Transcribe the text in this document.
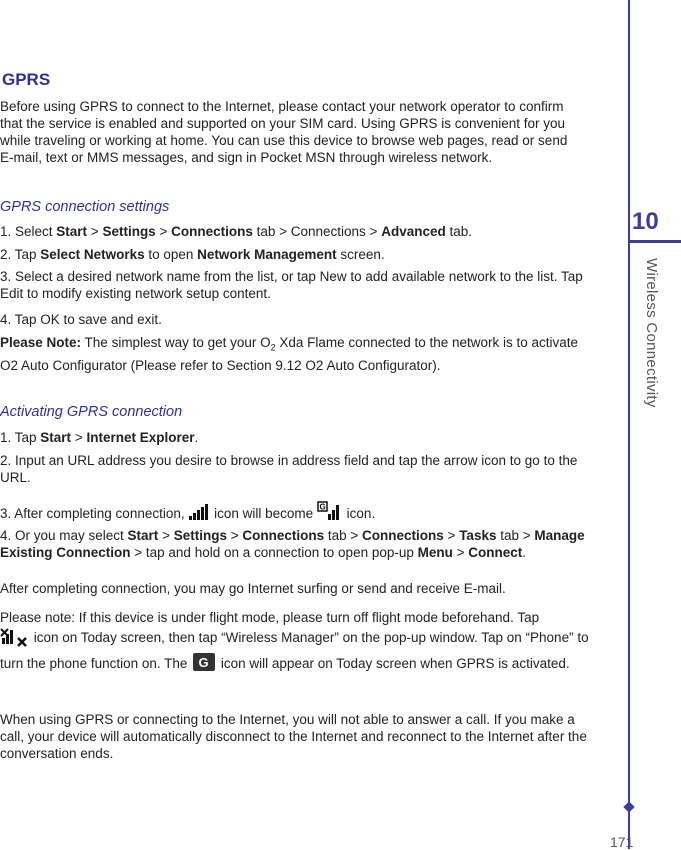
GPRS

Before using GPRS to connect to the Internet, please contact your network operator to confirm that the service is enabled and supported on your SIM card. Using GPRS is convenient for you while traveling or working at home. You can use this device to browse web pages, read or send E-mail, text or MMS messages, and sign in Pocket MSN through wireless network.

GPRS connection settings

1. Select Start > Settings > Connections tab > Connections > Advanced tab.

2. Tap Select Networks to open Network Management screen.

3. Select a desired network name from the list, or tap New to add available network to the list. Tap Edit to modify existing network setup content.

4. Tap OK to save and exit.

Please Note: The simplest way to get your $O_2$ Xda Flame connected to the network is to activate O2 Auto Configurator (Please refer to Section 9.12 O2 Auto Configurator).

Activating GPRS connection

1. Tap Start > Internet Explorer.

2. Input an URL address you desire to browse in address field and tap the arrow icon to go to the URL.

3. After completing connection,  icon will become G icon.

4. Or you may select Start > Settings > Connections tab > Connections > Tasks tab > Manage Existing Connection > tap and hold on a connection to open pop-up Menu > Connect.

After completing connection, you may go Internet surfing or send and receive E-mail.

Please note: If this device is under flight mode, please turn off flight mode beforehand. Tap
icon on Today screen, then tap “Wireless Manager” on the pop-up window. Tap on “Phone” to turn the phone function on. The G icon will appear on Today screen when GPRS is activated.

When using GPRS or connecting to the Internet, you will not able to answer a call. If you make a call, your device will automatically disconnect to the Internet and reconnect to the Internet after the conversation ends.

10
Wireless Connectivity
171
